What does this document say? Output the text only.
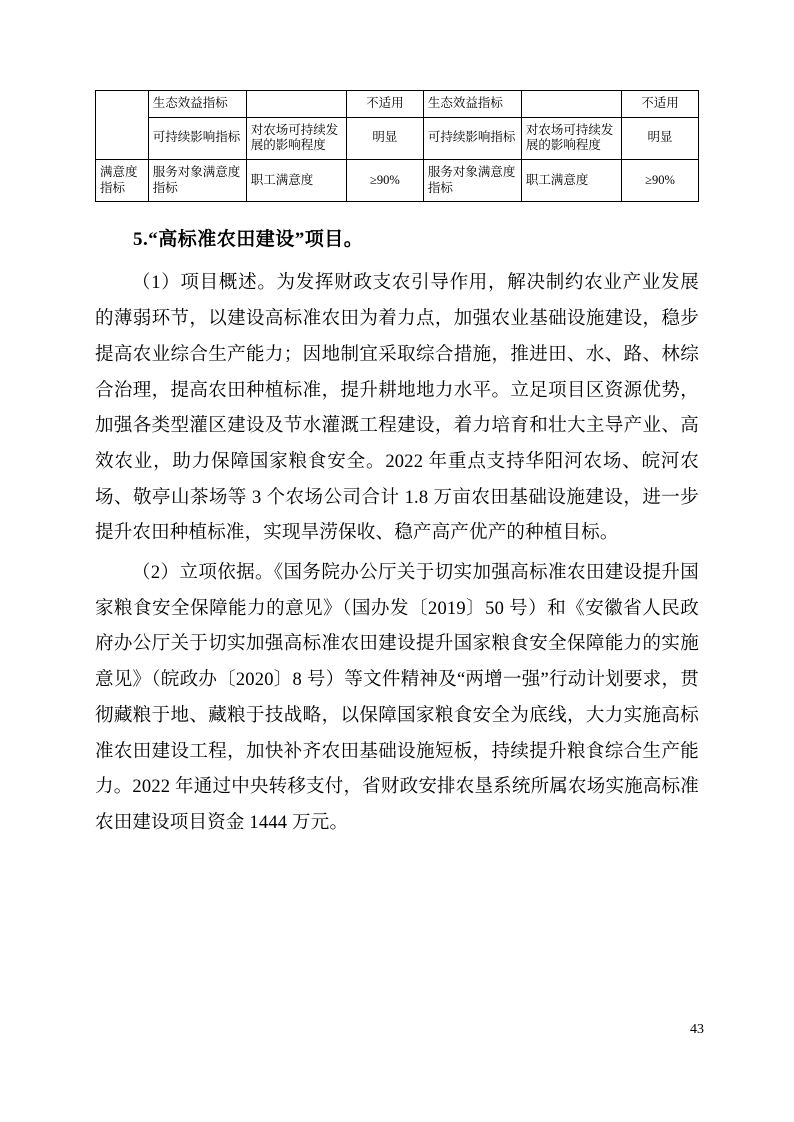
	生态效益指标		不适用	生态效益指标		不适用
	可持续影响指标	对农场可持续发展的影响程度	明显	可持续影响指标	对农场可持续发展的影响程度	明显
满意度指标	服务对象满意度指标	职工满意度	≥90%	服务对象满意度指标	职工满意度	≥90%
5.“高标准农田建设”项目。

（1）项目概述。为发挥财政支农引导作用，解决制约农业产业发展的薄弱环节，以建设高标准农田为着力点，加强农业基础设施建设，稳步提高农业综合生产能力；因地制宜采取综合措施，推进田、水、路、林综合治理，提高农田种植标准，提升耕地地力水平。立足项目区资源优势，加强各类型灌区建设及节水灌溉工程建设，着力培育和壮大主导产业、高效农业，助力保障国家粮食安全。2022 年重点支持华阳河农场、皖河农场、敬亭山茶场等 3 个农场公司合计 1.8 万亩农田基础设施建设，进一步提升农田种植标准，实现旱涝保收、稳产高产优产的种植目标。

（2）立项依据。《国务院办公厅关于切实加强高标准农田建设提升国家粮食安全保障能力的意见》（国办发〔2019〕50 号）和《安徽省人民政府办公厅关于切实加强高标准农田建设提升国家粮食安全保障能力的实施意见》（皖政办〔2020〕8 号）等文件精神及“两增一强”行动计划要求，贯彻藏粮于地、藏粮于技战略，以保障国家粮食安全为底线，大力实施高标准农田建设工程，加快补齐农田基础设施短板，持续提升粮食综合生产能力。2022 年通过中央转移支付，省财政安排农垦系统所属农场实施高标准农田建设项目资金 1444 万元。

43
